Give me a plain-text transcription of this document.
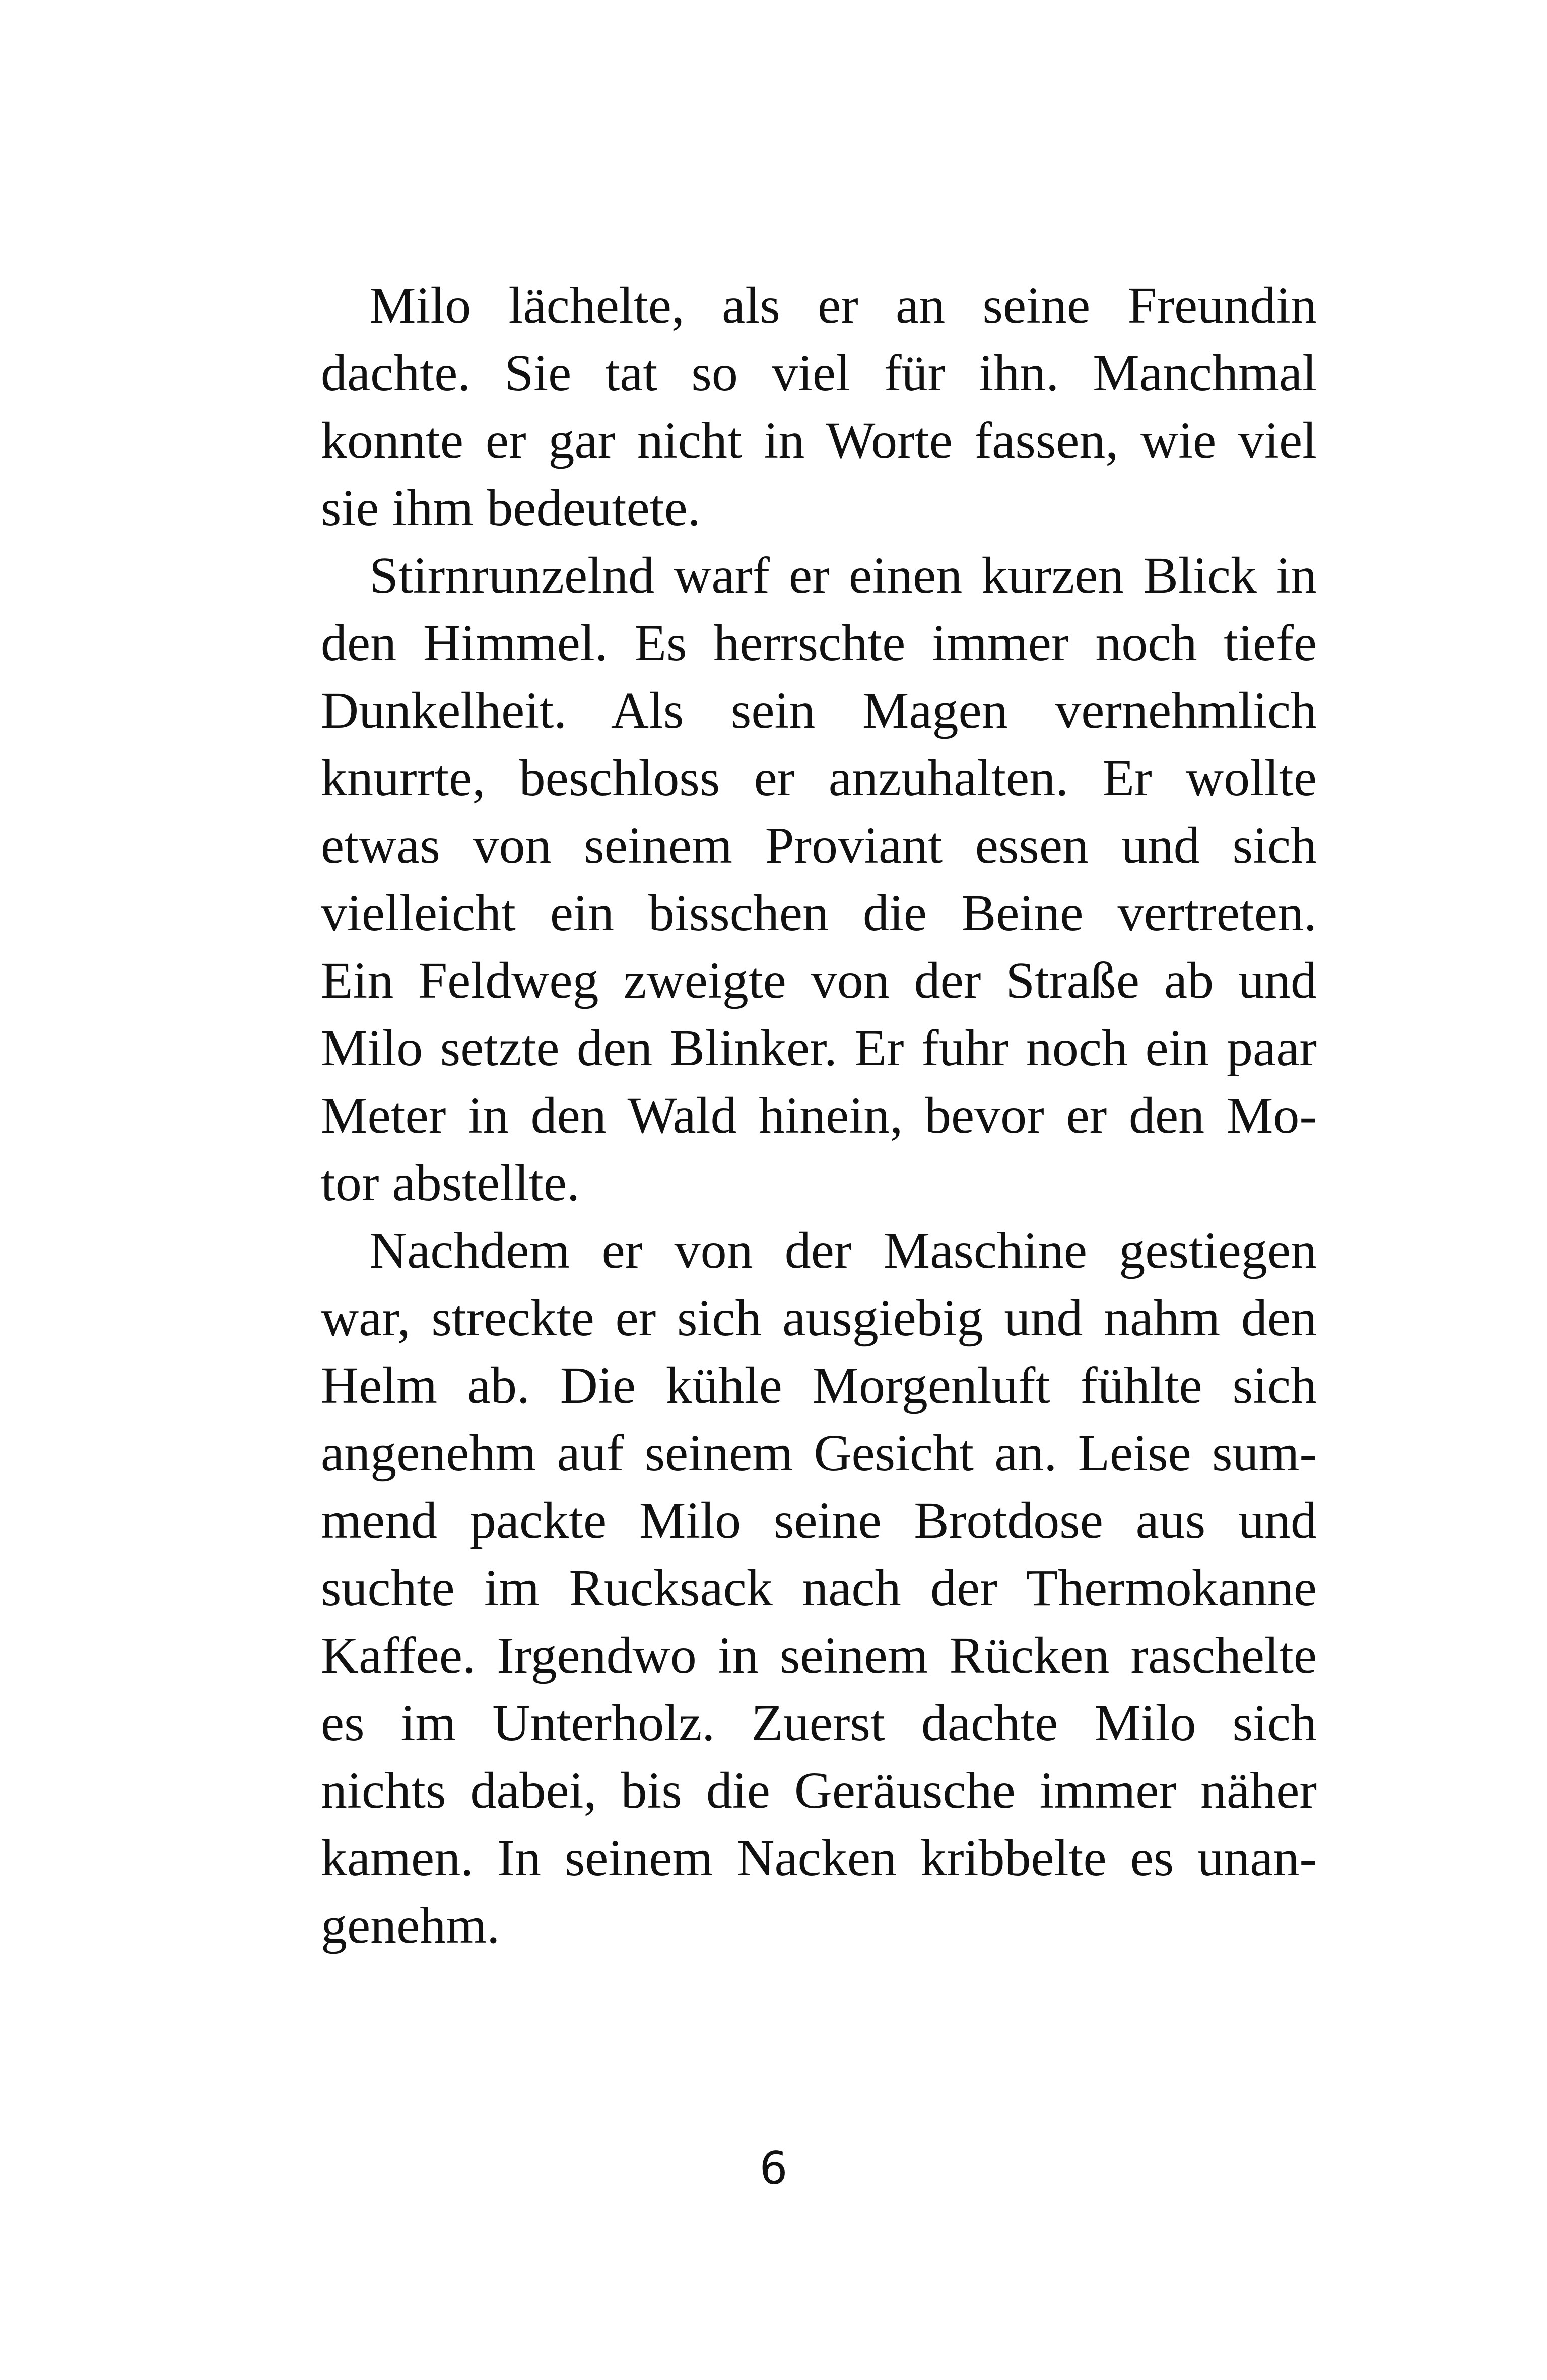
Milo lächelte, als er an seine Freundin
dachte. Sie tat so viel für ihn. Manchmal
konnte er gar nicht in Worte fassen, wie viel
sie ihm bedeutete.
Stirnrunzelnd warf er einen kurzen Blick in
den Himmel. Es herrschte immer noch tiefe
Dunkelheit. Als sein Magen vernehmlich
knurrte, beschloss er anzuhalten. Er wollte
etwas von seinem Proviant essen und sich
vielleicht ein bisschen die Beine vertreten.
Ein Feldweg zweigte von der Straße ab und
Milo setzte den Blinker. Er fuhr noch ein paar
Meter in den Wald hinein, bevor er den Mo-
tor abstellte.
Nachdem er von der Maschine gestiegen
war, streckte er sich ausgiebig und nahm den
Helm ab. Die kühle Morgenluft fühlte sich
angenehm auf seinem Gesicht an. Leise sum-
mend packte Milo seine Brotdose aus und
suchte im Rucksack nach der Thermokanne
Kaffee. Irgendwo in seinem Rücken raschelte
es im Unterholz. Zuerst dachte Milo sich
nichts dabei, bis die Geräusche immer näher
kamen. In seinem Nacken kribbelte es unan-
genehm.
6
